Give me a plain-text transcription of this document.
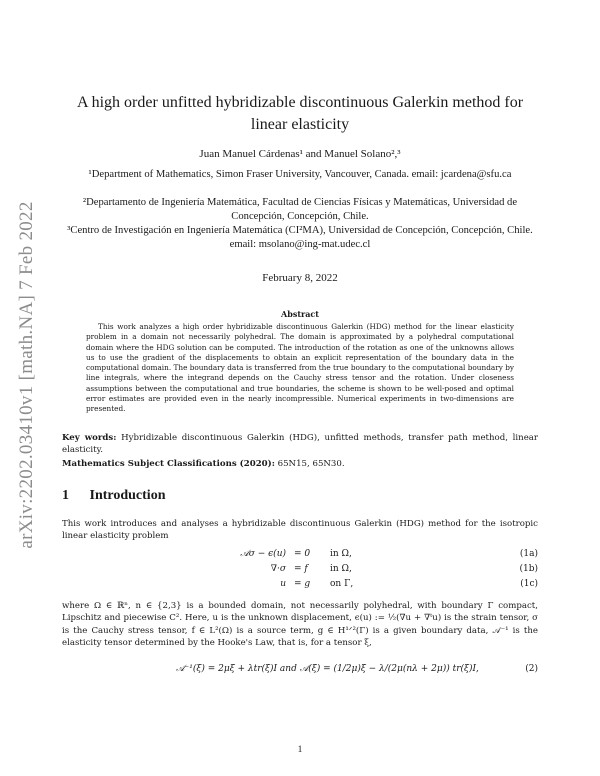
arXiv:2202.03410v1 [math.NA] 7 Feb 2022
A high order unfitted hybridizable discontinuous Galerkin method for linear elasticity
Juan Manuel Cárdenas¹ and Manuel Solano²,³
¹Department of Mathematics, Simon Fraser University, Vancouver, Canada. email: jcardena@sfu.ca
²Departamento de Ingeniería Matemática, Facultad de Ciencias Físicas y Matemáticas, Universidad de Concepción, Concepción, Chile.
³Centro de Investigación en Ingeniería Matemática (CI²MA), Universidad de Concepción, Concepción, Chile. email: msolano@ing-mat.udec.cl
February 8, 2022
Abstract
This work analyzes a high order hybridizable discontinuous Galerkin (HDG) method for the linear elasticity problem in a domain not necessarily polyhedral. The domain is approximated by a polyhedral computational domain where the HDG solution can be computed. The introduction of the rotation as one of the unknowns allows us to use the gradient of the displacements to obtain an explicit representation of the boundary data in the computational domain. The boundary data is transferred from the true boundary to the computational boundary by line integrals, where the integrand depends on the Cauchy stress tensor and the rotation. Under closeness assumptions between the computational and true boundaries, the scheme is shown to be well-posed and optimal error estimates are provided even in the nearly incompressible. Numerical experiments in two-dimensions are presented.
Key words: Hybridizable discontinuous Galerkin (HDG), unfitted methods, transfer path method, linear elasticity.
Mathematics Subject Classifications (2020): 65N15, 65N30.
1 Introduction
This work introduces and analyses a hybridizable discontinuous Galerkin (HDG) method for the isotropic linear elasticity problem
𝒜σ − ϵ(u) = 0 in Ω,	(1a)
∇·σ = f in Ω,	(1b)
u = g on Γ,	(1c)
where Ω ∈ ℝⁿ, n ∈ {2,3} is a bounded domain, not necessarily polyhedral, with boundary Γ compact, Lipschitz and piecewise C². Here, u is the unknown displacement, ϵ(u) := ½(∇u + ∇ᵗu) is the strain tensor, σ is the Cauchy stress tensor, f ∈ L²(Ω) is a source term, g ∈ H¹ᐟ²(Γ) is a given boundary data, 𝒜⁻¹ is the elasticity tensor determined by the Hooke's Law, that is, for a tensor ξ,
𝒜⁻¹(ξ) = 2μξ + λtr(ξ)I and 𝒜(ξ) = (1/2μ)ξ − λ/(2μ(nλ + 2μ)) tr(ξ)I,	(2)
1
